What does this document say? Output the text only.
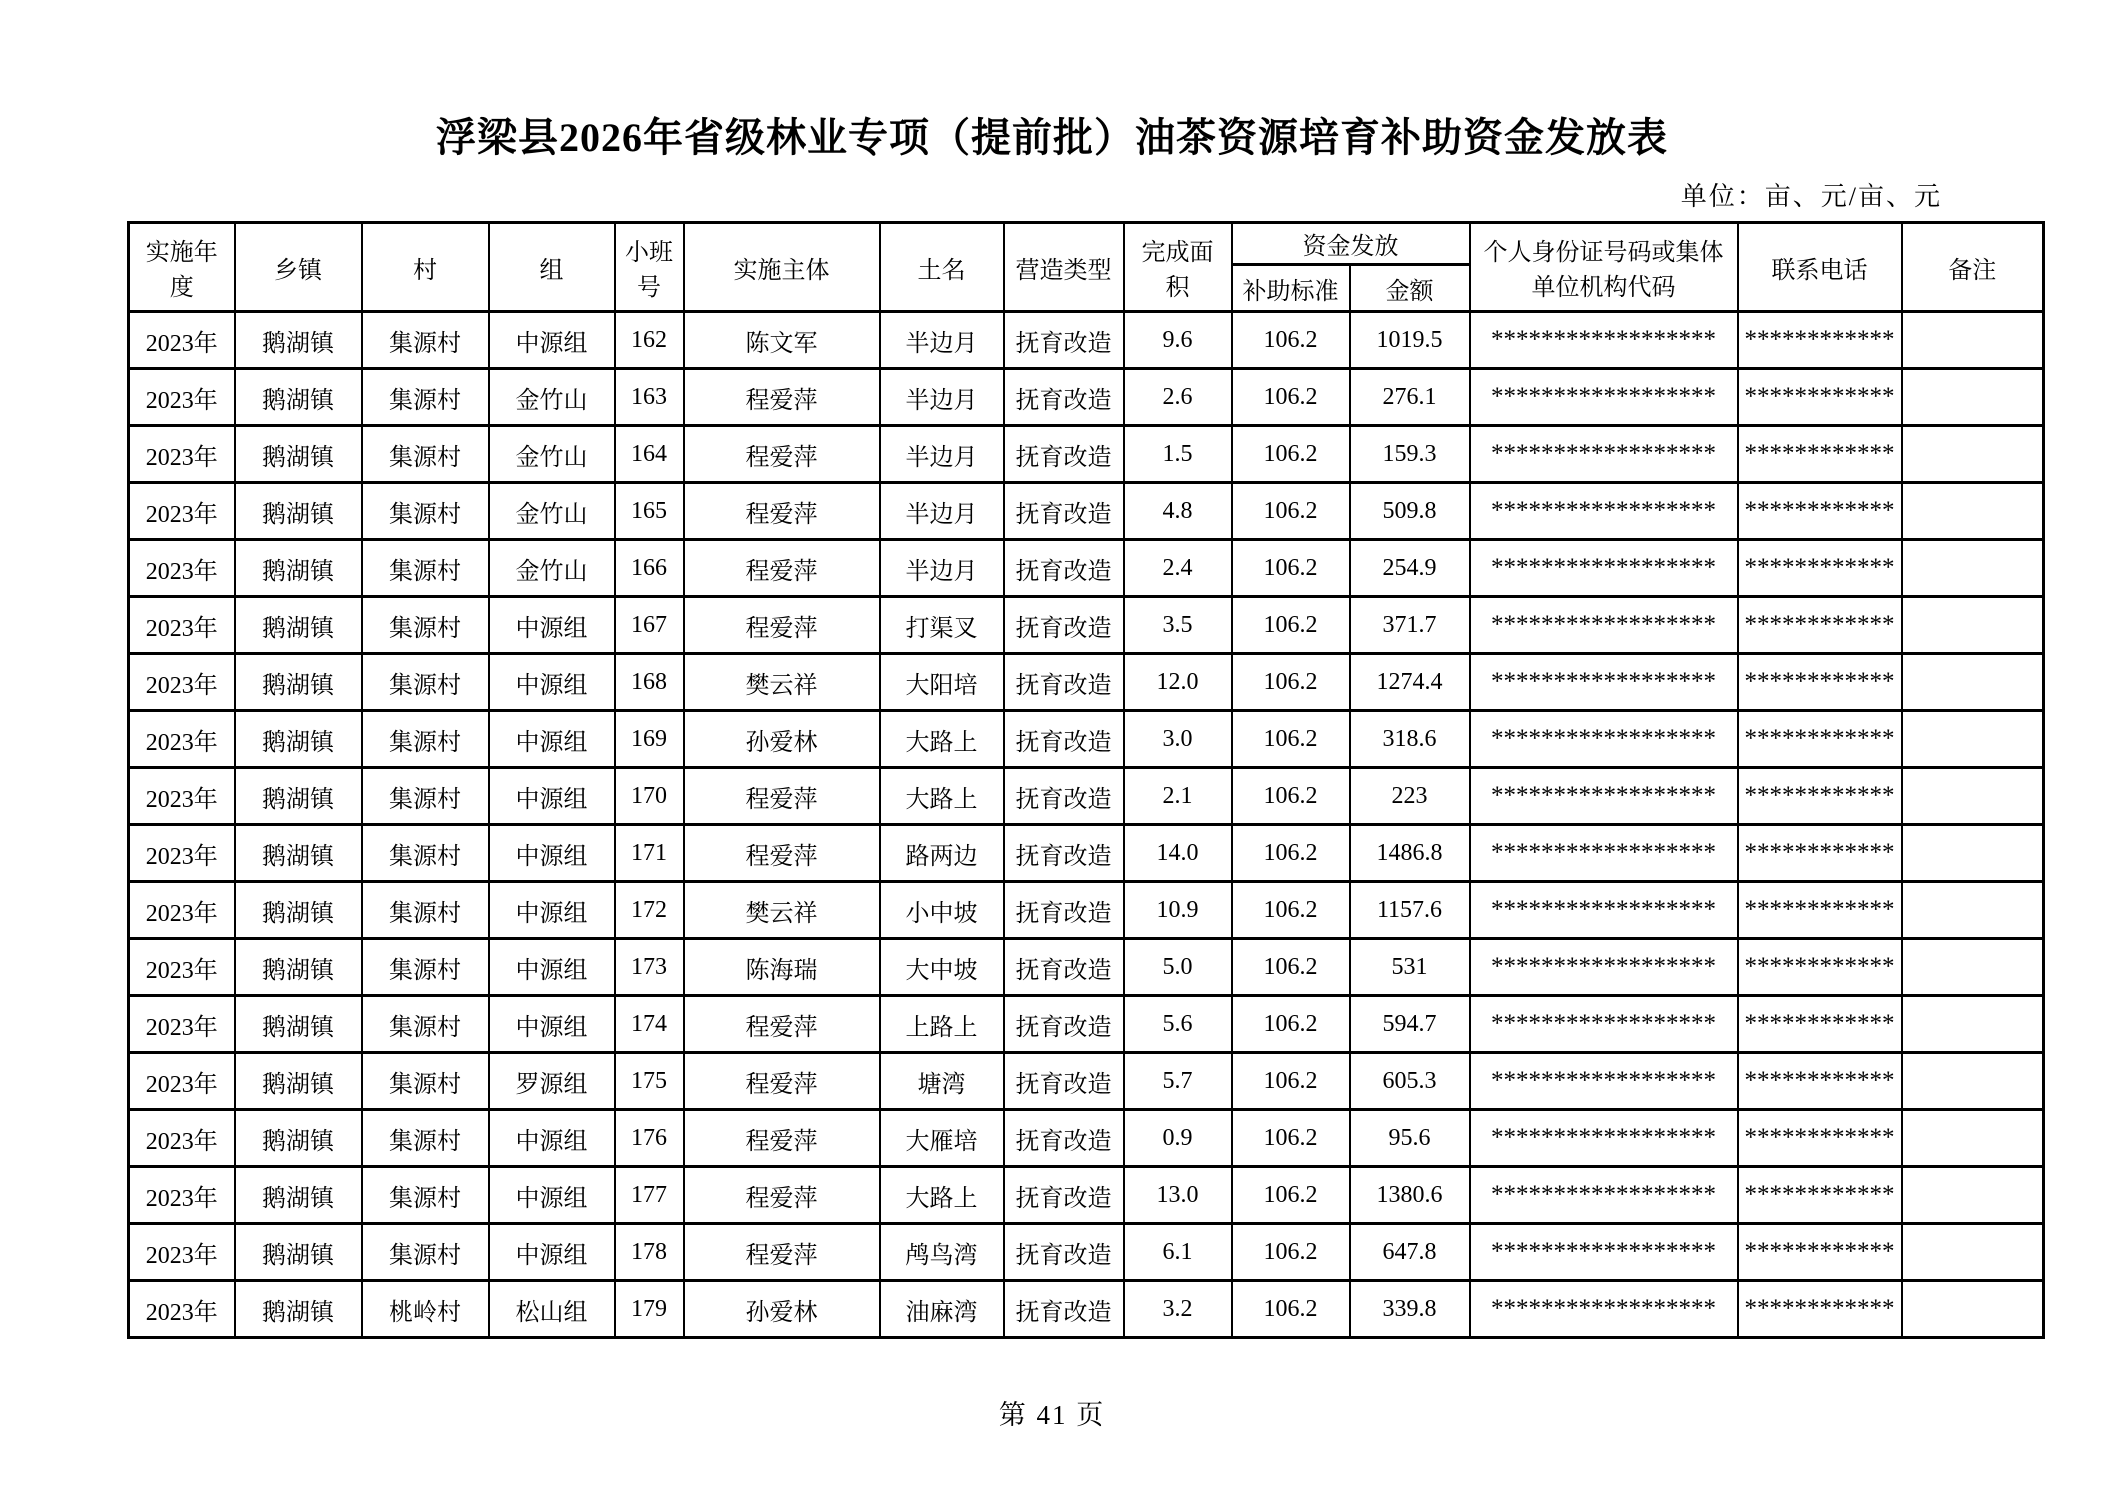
浮梁县2026年省级林业专项（提前批）油茶资源培育补助资金发放表
单位：亩、元/亩、元
实施年度	乡镇	村	组	小班号	实施主体	土名	营造类型	完成面积	资金发放		个人身份证号码或集体单位机构代码	联系电话	备注
									补助标准	金额			
2023年	鹅湖镇	集源村	中源组	162	陈文军	半边月	抚育改造	9.6	106.2	1019.5	******************	************	
2023年	鹅湖镇	集源村	金竹山	163	程爱萍	半边月	抚育改造	2.6	106.2	276.1	******************	************	
2023年	鹅湖镇	集源村	金竹山	164	程爱萍	半边月	抚育改造	1.5	106.2	159.3	******************	************	
2023年	鹅湖镇	集源村	金竹山	165	程爱萍	半边月	抚育改造	4.8	106.2	509.8	******************	************	
2023年	鹅湖镇	集源村	金竹山	166	程爱萍	半边月	抚育改造	2.4	106.2	254.9	******************	************	
2023年	鹅湖镇	集源村	中源组	167	程爱萍	打渠叉	抚育改造	3.5	106.2	371.7	******************	************	
2023年	鹅湖镇	集源村	中源组	168	樊云祥	大阳培	抚育改造	12.0	106.2	1274.4	******************	************	
2023年	鹅湖镇	集源村	中源组	169	孙爱林	大路上	抚育改造	3.0	106.2	318.6	******************	************	
2023年	鹅湖镇	集源村	中源组	170	程爱萍	大路上	抚育改造	2.1	106.2	223	******************	************	
2023年	鹅湖镇	集源村	中源组	171	程爱萍	路两边	抚育改造	14.0	106.2	1486.8	******************	************	
2023年	鹅湖镇	集源村	中源组	172	樊云祥	小中坡	抚育改造	10.9	106.2	1157.6	******************	************	
2023年	鹅湖镇	集源村	中源组	173	陈海瑞	大中坡	抚育改造	5.0	106.2	531	******************	************	
2023年	鹅湖镇	集源村	中源组	174	程爱萍	上路上	抚育改造	5.6	106.2	594.7	******************	************	
2023年	鹅湖镇	集源村	罗源组	175	程爱萍	塘湾	抚育改造	5.7	106.2	605.3	******************	************	
2023年	鹅湖镇	集源村	中源组	176	程爱萍	大雁培	抚育改造	0.9	106.2	95.6	******************	************	
2023年	鹅湖镇	集源村	中源组	177	程爱萍	大路上	抚育改造	13.0	106.2	1380.6	******************	************	
2023年	鹅湖镇	集源村	中源组	178	程爱萍	鸬鸟湾	抚育改造	6.1	106.2	647.8	******************	************	
2023年	鹅湖镇	桃岭村	松山组	179	孙爱林	油麻湾	抚育改造	3.2	106.2	339.8	******************	************	
第 41 页
